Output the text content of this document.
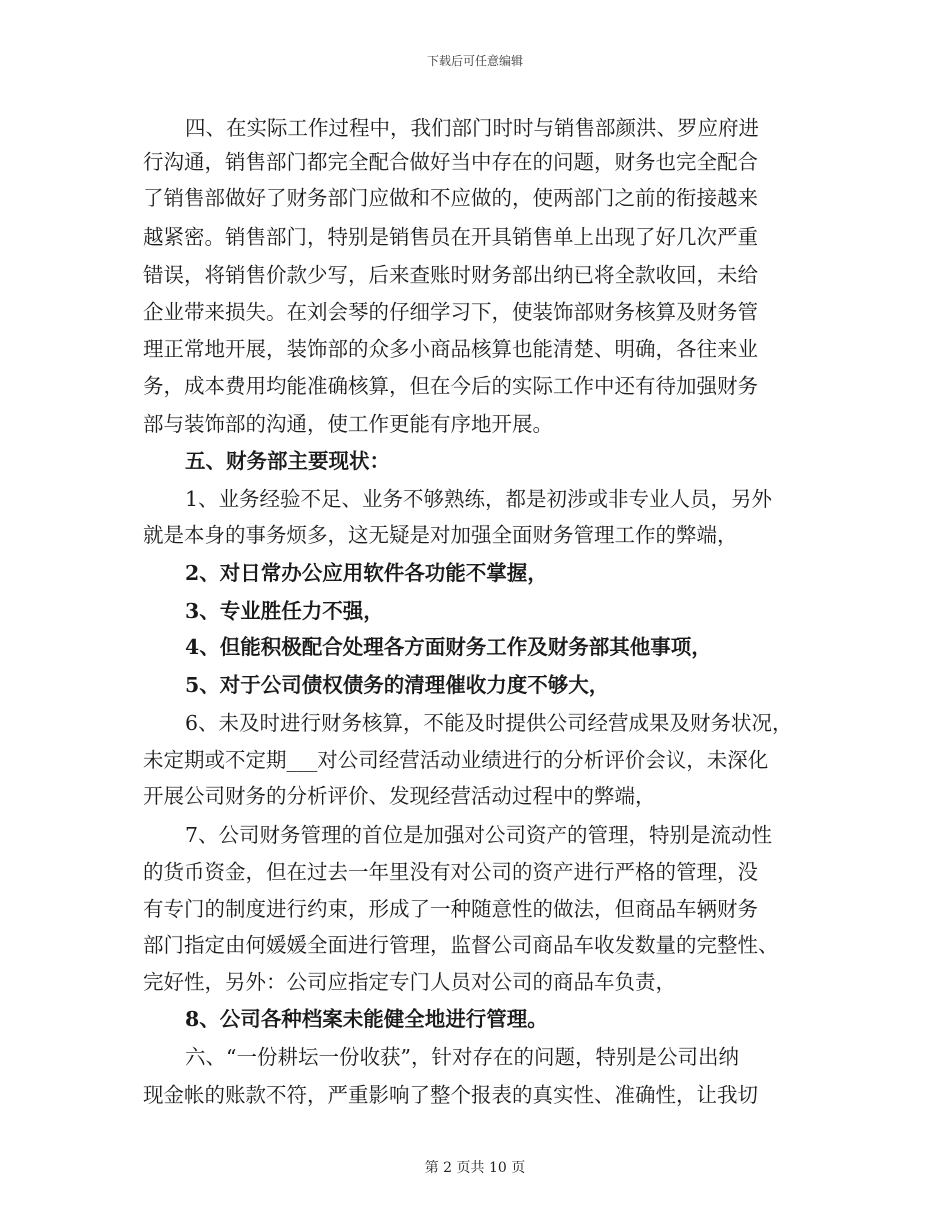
下载后可任意编辑
四、在实际工作过程中，我们部门时时与销售部颜洪、罗应府进
行沟通，销售部门都完全配合做好当中存在的问题，财务也完全配合
了销售部做好了财务部门应做和不应做的，使两部门之前的衔接越来
越紧密。销售部门，特别是销售员在开具销售单上出现了好几次严重
错误，将销售价款少写，后来查账时财务部出纳已将全款收回，未给
企业带来损失。在刘会琴的仔细学习下，使装饰部财务核算及财务管
理正常地开展，装饰部的众多小商品核算也能清楚、明确，各往来业
务，成本费用均能准确核算，但在今后的实际工作中还有待加强财务
部与装饰部的沟通，使工作更能有序地开展。
五、财务部主要现状：
1、业务经验不足、业务不够熟练，都是初涉或非专业人员，另外
就是本身的事务烦多，这无疑是对加强全面财务管理工作的弊端，
2、对日常办公应用软件各功能不掌握，
3、专业胜任力不强，
4、但能积极配合处理各方面财务工作及财务部其他事项，
5、对于公司债权债务的清理催收力度不够大，
6、未及时进行财务核算，不能及时提供公司经营成果及财务状况，
未定期或不定期___对公司经营活动业绩进行的分析评价会议，未深化
开展公司财务的分析评价、发现经营活动过程中的弊端，
7、公司财务管理的首位是加强对公司资产的管理，特别是流动性
的货币资金，但在过去一年里没有对公司的资产进行严格的管理，没
有专门的制度进行约束，形成了一种随意性的做法，但商品车辆财务
部门指定由何媛媛全面进行管理，监督公司商品车收发数量的完整性、
完好性，另外：公司应指定专门人员对公司的商品车负责，
8、公司各种档案未能健全地进行管理。
六、“一份耕坛一份收获”，针对存在的问题，特别是公司出纳
现金帐的账款不符，严重影响了整个报表的真实性、准确性，让我切
第 2 页共 10 页
